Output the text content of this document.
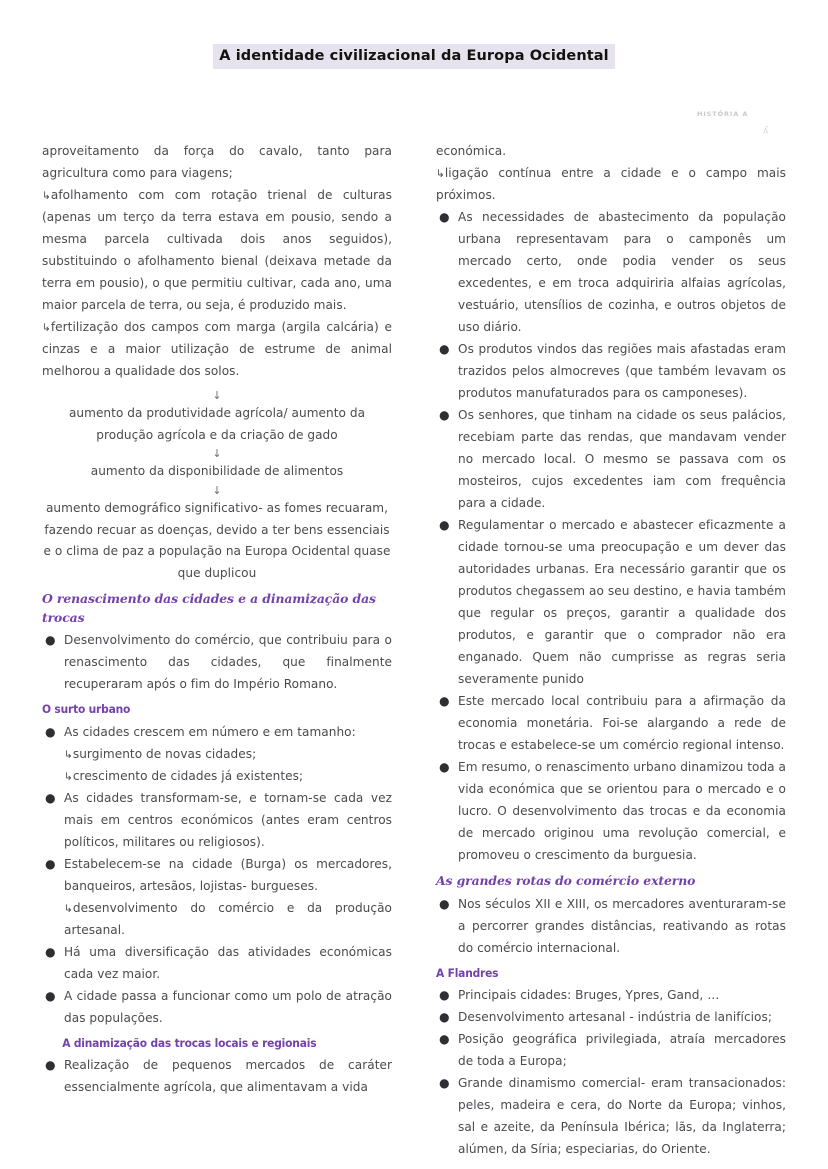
A identidade civilizacional da Europa Ocidental
HISTÓRIA A
ʎ

aproveitamento da força do cavalo, tanto para agricultura como para viagens;

↳afolhamento com com rotação trienal de culturas (apenas um terço da terra estava em pousio, sendo a mesma parcela cultivada dois anos seguidos), substituindo o afolhamento bienal (deixava metade da terra em pousio), o que permitiu cultivar, cada ano, uma maior parcela de terra, ou seja, é produzido mais.

↳fertilização dos campos com marga (argila calcária) e cinzas e a maior utilização de estrume de animal melhorou a qualidade dos solos.

↓
aumento da produtividade agrícola/ aumento da produção agrícola e da criação de gado
↓
aumento da disponibilidade de alimentos
↓
aumento demográfico significativo- as fomes recuaram, fazendo recuar as doenças, devido a ter bens essenciais e o clima de paz a população na Europa Ocidental quase que duplicou
O renascimento das cidades e a dinamização das trocas
● Desenvolvimento do comércio, que contribuiu para o renascimento das cidades, que finalmente recuperaram após o fim do Império Romano.
O surto urbano
● As cidades crescem em número e em tamanho:

↳surgimento de novas cidades;

↳crescimento de cidades já existentes;

● As cidades transformam-se, e tornam-se cada vez mais em centros económicos (antes eram centros políticos, militares ou religiosos).
● Estabelecem-se na cidade (Burga) os mercadores, banqueiros, artesãos, lojistas- burgueses.

↳desenvolvimento do comércio e da produção artesanal.

● Há uma diversificação das atividades económicas cada vez maior.
● A cidade passa a funcionar como um polo de atração das populações.
A dinamização das trocas locais e regionais
● Realização de pequenos mercados de caráter essencialmente agrícola, que alimentavam a vida

económica.

↳ligação contínua entre a cidade e o campo mais próximos.

● As necessidades de abastecimento da população urbana representavam para o camponês um mercado certo, onde podia vender os seus excedentes, e em troca adquiriria alfaias agrícolas, vestuário, utensílios de cozinha, e outros objetos de uso diário.
● Os produtos vindos das regiões mais afastadas eram trazidos pelos almocreves (que também levavam os produtos manufaturados para os camponeses).
● Os senhores, que tinham na cidade os seus palácios, recebiam parte das rendas, que mandavam vender no mercado local. O mesmo se passava com os mosteiros, cujos excedentes iam com frequência para a cidade.
● Regulamentar o mercado e abastecer eficazmente a cidade tornou-se uma preocupação e um dever das autoridades urbanas. Era necessário garantir que os produtos chegassem ao seu destino, e havia também que regular os preços, garantir a qualidade dos produtos, e garantir que o comprador não era enganado. Quem não cumprisse as regras seria severamente punido
● Este mercado local contribuiu para a afirmação da economia monetária. Foi-se alargando a rede de trocas e estabelece-se um comércio regional intenso.
● Em resumo, o renascimento urbano dinamizou toda a vida económica que se orientou para o mercado e o lucro. O desenvolvimento das trocas e da economia de mercado originou uma revolução comercial, e promoveu o crescimento da burguesia.
As grandes rotas do comércio externo
● Nos séculos XII e XIII, os mercadores aventuraram-se a percorrer grandes distâncias, reativando as rotas do comércio internacional.
A Flandres
● Principais cidades: Bruges, Ypres, Gand, …
● Desenvolvimento artesanal - indústria de lanifícios;
● Posição geográfica privilegiada, atraía mercadores de toda a Europa;
● Grande dinamismo comercial- eram transacionados: peles, madeira e cera, do Norte da Europa; vinhos, sal e azeite, da Península Ibérica; lãs, da Inglaterra; alúmen, da Síria; especiarias, do Oriente.
